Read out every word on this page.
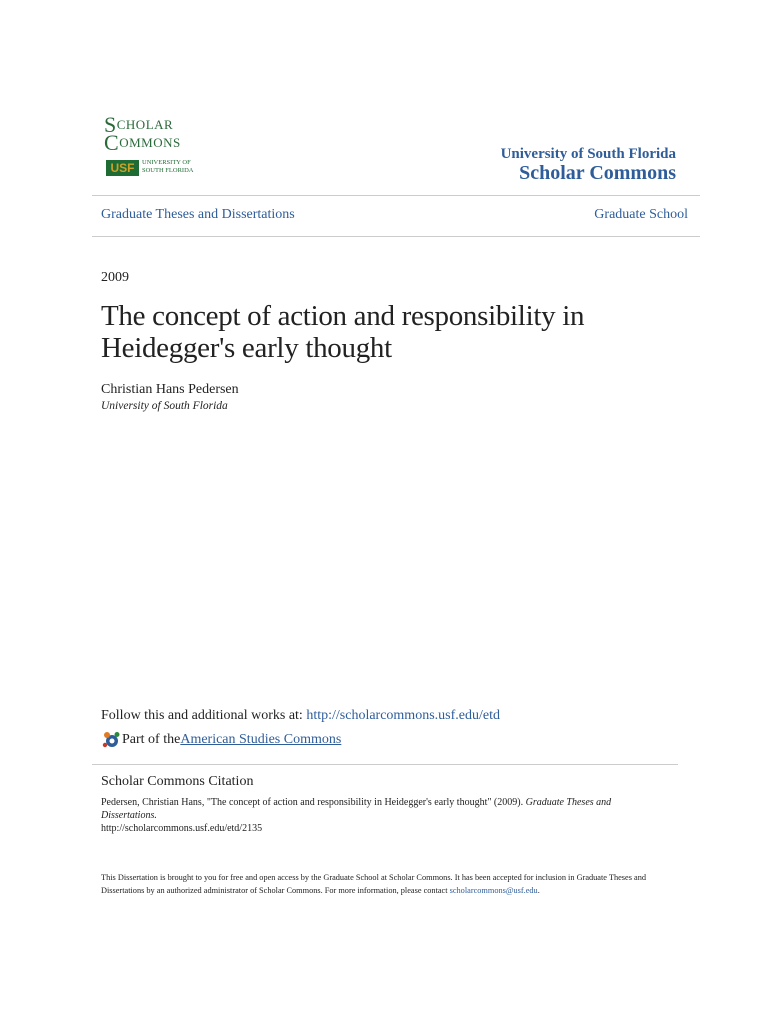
SCHOLAR
COMMONS
USF	UNIVERSITY OF
SOUTH FLORIDA
University of South Florida
Scholar Commons
Graduate Theses and Dissertations	Graduate School
2009
The concept of action and responsibility in Heidegger's early thought
Christian Hans Pedersen
University of South Florida
Follow this and additional works at: http://scholarcommons.usf.edu/etd
Part of the American Studies Commons
Scholar Commons Citation
Pedersen, Christian Hans, "The concept of action and responsibility in Heidegger's early thought" (2009). Graduate Theses and Dissertations.
http://scholarcommons.usf.edu/etd/2135
This Dissertation is brought to you for free and open access by the Graduate School at Scholar Commons. It has been accepted for inclusion in Graduate Theses and Dissertations by an authorized administrator of Scholar Commons. For more information, please contact scholarcommons@usf.edu.
